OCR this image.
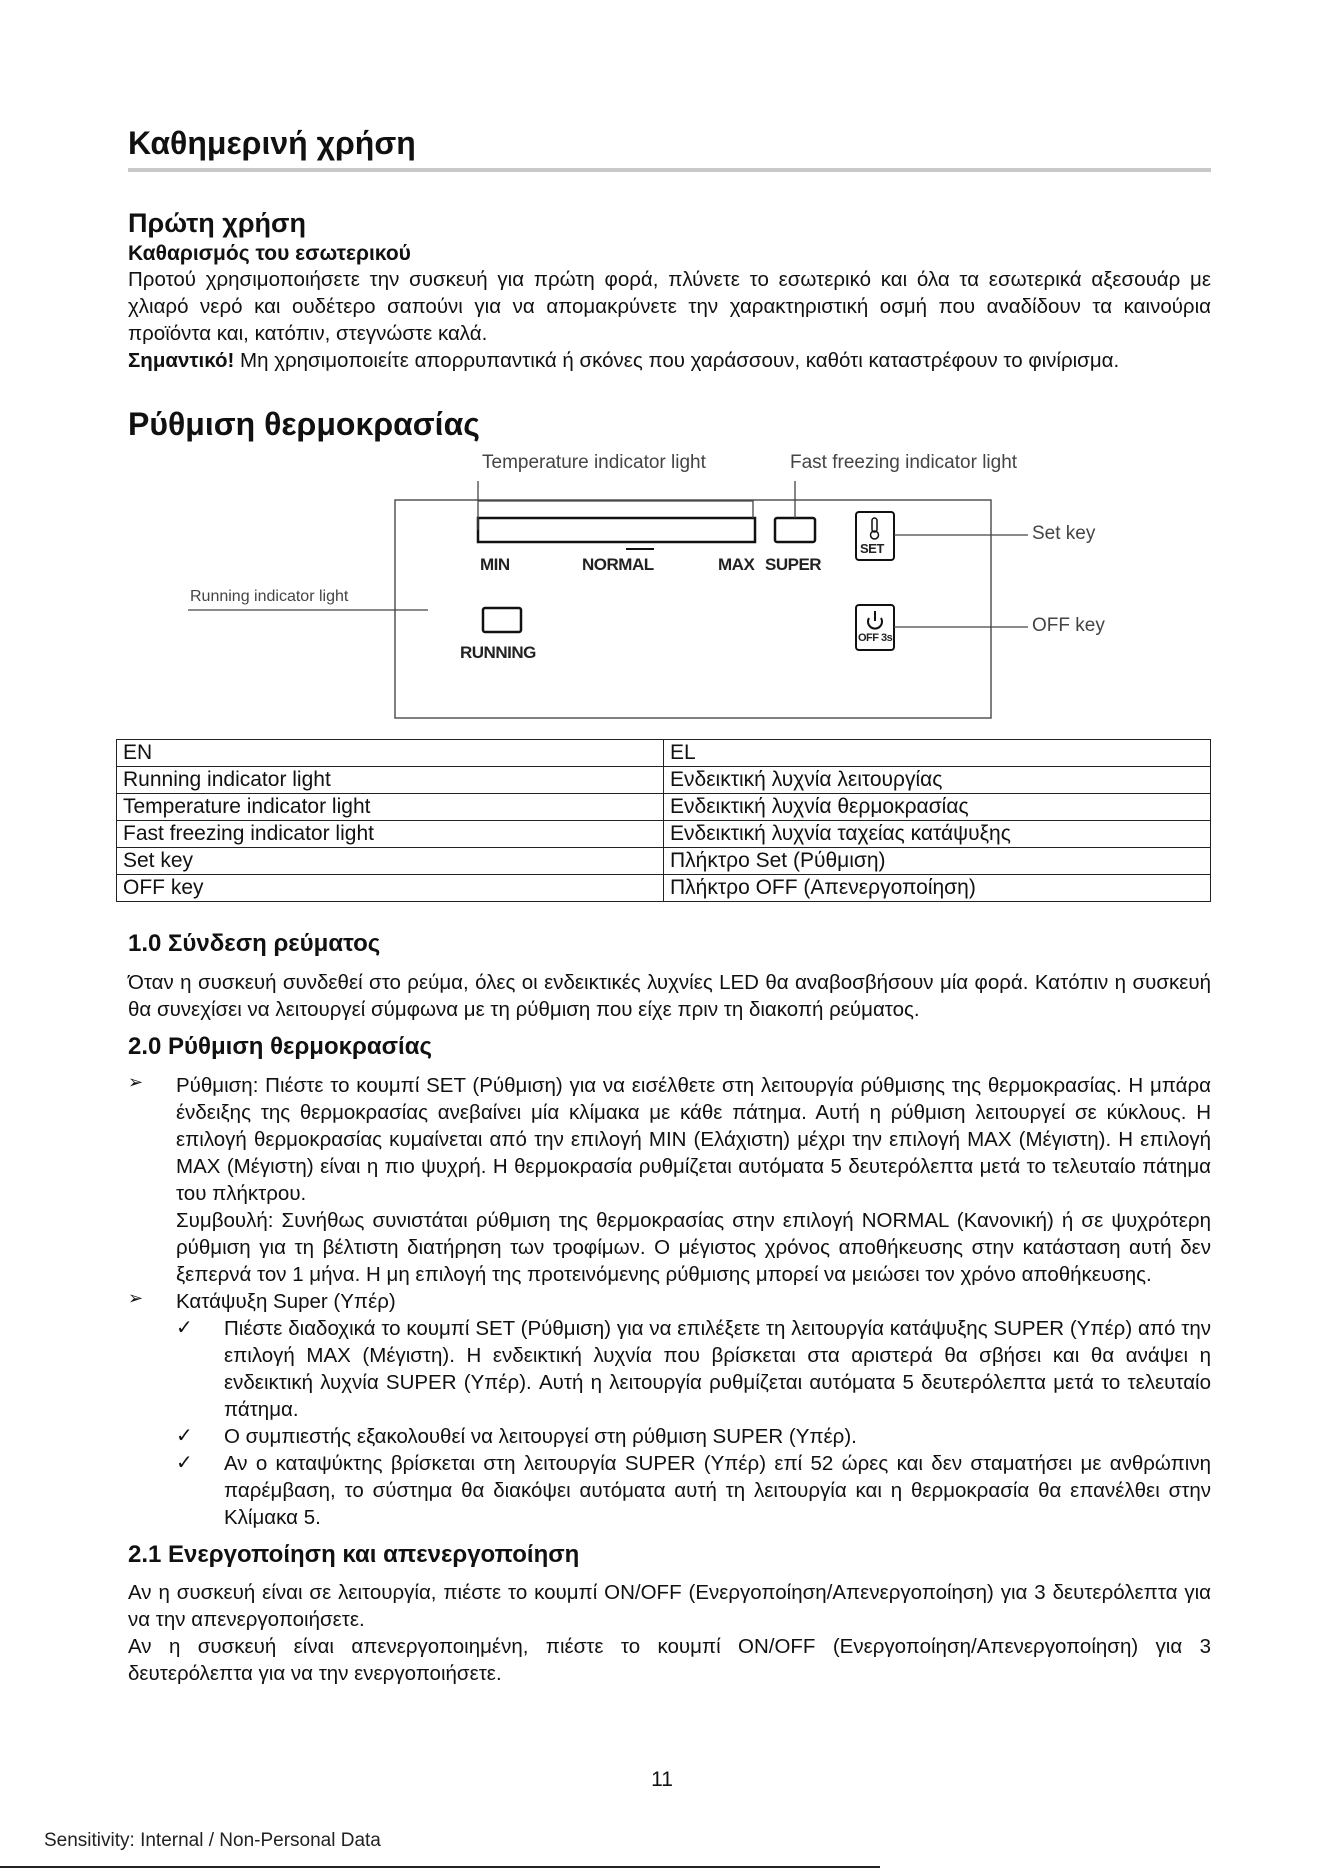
Καθημερινή χρήση
Πρώτη χρήση
Καθαρισμός του εσωτερικού

Προτού χρησιμοποιήσετε την συσκευή για πρώτη φορά, πλύνετε το εσωτερικό και όλα τα εσωτερικά αξεσουάρ με χλιαρό νερό και ουδέτερο σαπούνι για να απομακρύνετε την χαρακτηριστική οσμή που αναδίδουν τα καινούρια προϊόντα και, κατόπιν, στεγνώστε καλά.

Σημαντικό! Μη χρησιμοποιείτε απορρυπαντικά ή σκόνες που χαράσσουν, καθότι καταστρέφουν το φινίρισμα.

Ρύθμιση θερμοκρασίας
Temperature indicator light	Fast freezing indicator light
Set key
OFF key
Running indicator light
MIN	NORMAL	MAX SUPER
RUNNING
SET
OFF 3s
EN	EL
Running indicator light	Ενδεικτική λυχνία λειτουργίας
Temperature indicator light	Ενδεικτική λυχνία θερμοκρασίας
Fast freezing indicator light	Ενδεικτική λυχνία ταχείας κατάψυξης
Set key	Πλήκτρο Set (Ρύθμιση)
OFF key	Πλήκτρο OFF (Απενεργοποίηση)
1.0 Σύνδεση ρεύματος

Όταν η συσκευή συνδεθεί στο ρεύμα, όλες οι ενδεικτικές λυχνίες LED θα αναβοσβήσουν μία φορά. Κατόπιν η συσκευή θα συνεχίσει να λειτουργεί σύμφωνα με τη ρύθμιση που είχε πριν τη διακοπή ρεύματος.

2.0 Ρύθμιση θερμοκρασίας
➢ Ρύθμιση: Πιέστε το κουμπί SET (Ρύθμιση) για να εισέλθετε στη λειτουργία ρύθμισης της θερμοκρασίας. Η μπάρα ένδειξης της θερμοκρασίας ανεβαίνει μία κλίμακα με κάθε πάτημα. Αυτή η ρύθμιση λειτουργεί σε κύκλους. Η επιλογή θερμοκρασίας κυμαίνεται από την επιλογή MIN (Ελάχιστη) μέχρι την επιλογή MAX (Μέγιστη). Η επιλογή MAX (Μέγιστη) είναι η πιο ψυχρή. Η θερμοκρασία ρυθμίζεται αυτόματα 5 δευτερόλεπτα μετά το τελευταίο πάτημα του πλήκτρου.

Συμβουλή: Συνήθως συνιστάται ρύθμιση της θερμοκρασίας στην επιλογή NORMAL (Κανονική) ή σε ψυχρότερη ρύθμιση για τη βέλτιστη διατήρηση των τροφίμων. Ο μέγιστος χρόνος αποθήκευσης στην κατάσταση αυτή δεν ξεπερνά τον 1 μήνα. Η μη επιλογή της προτεινόμενης ρύθμισης μπορεί να μειώσει τον χρόνο αποθήκευσης.

➢ Κατάψυξη Super (Υπέρ)

✓ Πιέστε διαδοχικά το κουμπί SET (Ρύθμιση) για να επιλέξετε τη λειτουργία κατάψυξης SUPER (Υπέρ) από την επιλογή MAX (Μέγιστη). Η ενδεικτική λυχνία που βρίσκεται στα αριστερά θα σβήσει και θα ανάψει η ενδεικτική λυχνία SUPER (Υπέρ). Αυτή η λειτουργία ρυθμίζεται αυτόματα 5 δευτερόλεπτα μετά το τελευταίο πάτημα.

✓ Ο συμπιεστής εξακολουθεί να λειτουργεί στη ρύθμιση SUPER (Υπέρ).

✓ Αν ο καταψύκτης βρίσκεται στη λειτουργία SUPER (Υπέρ) επί 52 ώρες και δεν σταματήσει με ανθρώπινη παρέμβαση, το σύστημα θα διακόψει αυτόματα αυτή τη λειτουργία και η θερμοκρασία θα επανέλθει στην Κλίμακα 5.

2.1 Ενεργοποίηση και απενεργοποίηση

Αν η συσκευή είναι σε λειτουργία, πιέστε το κουμπί ON/OFF (Ενεργοποίηση/Απενεργοποίηση) για 3 δευτερόλεπτα για να την απενεργοποιήσετε.

Αν η συσκευή είναι απενεργοποιημένη, πιέστε το κουμπί ON/OFF (Ενεργοποίηση/Απενεργοποίηση) για 3 δευτερόλεπτα για να την ενεργοποιήσετε.

11
Sensitivity: Internal / Non-Personal Data
